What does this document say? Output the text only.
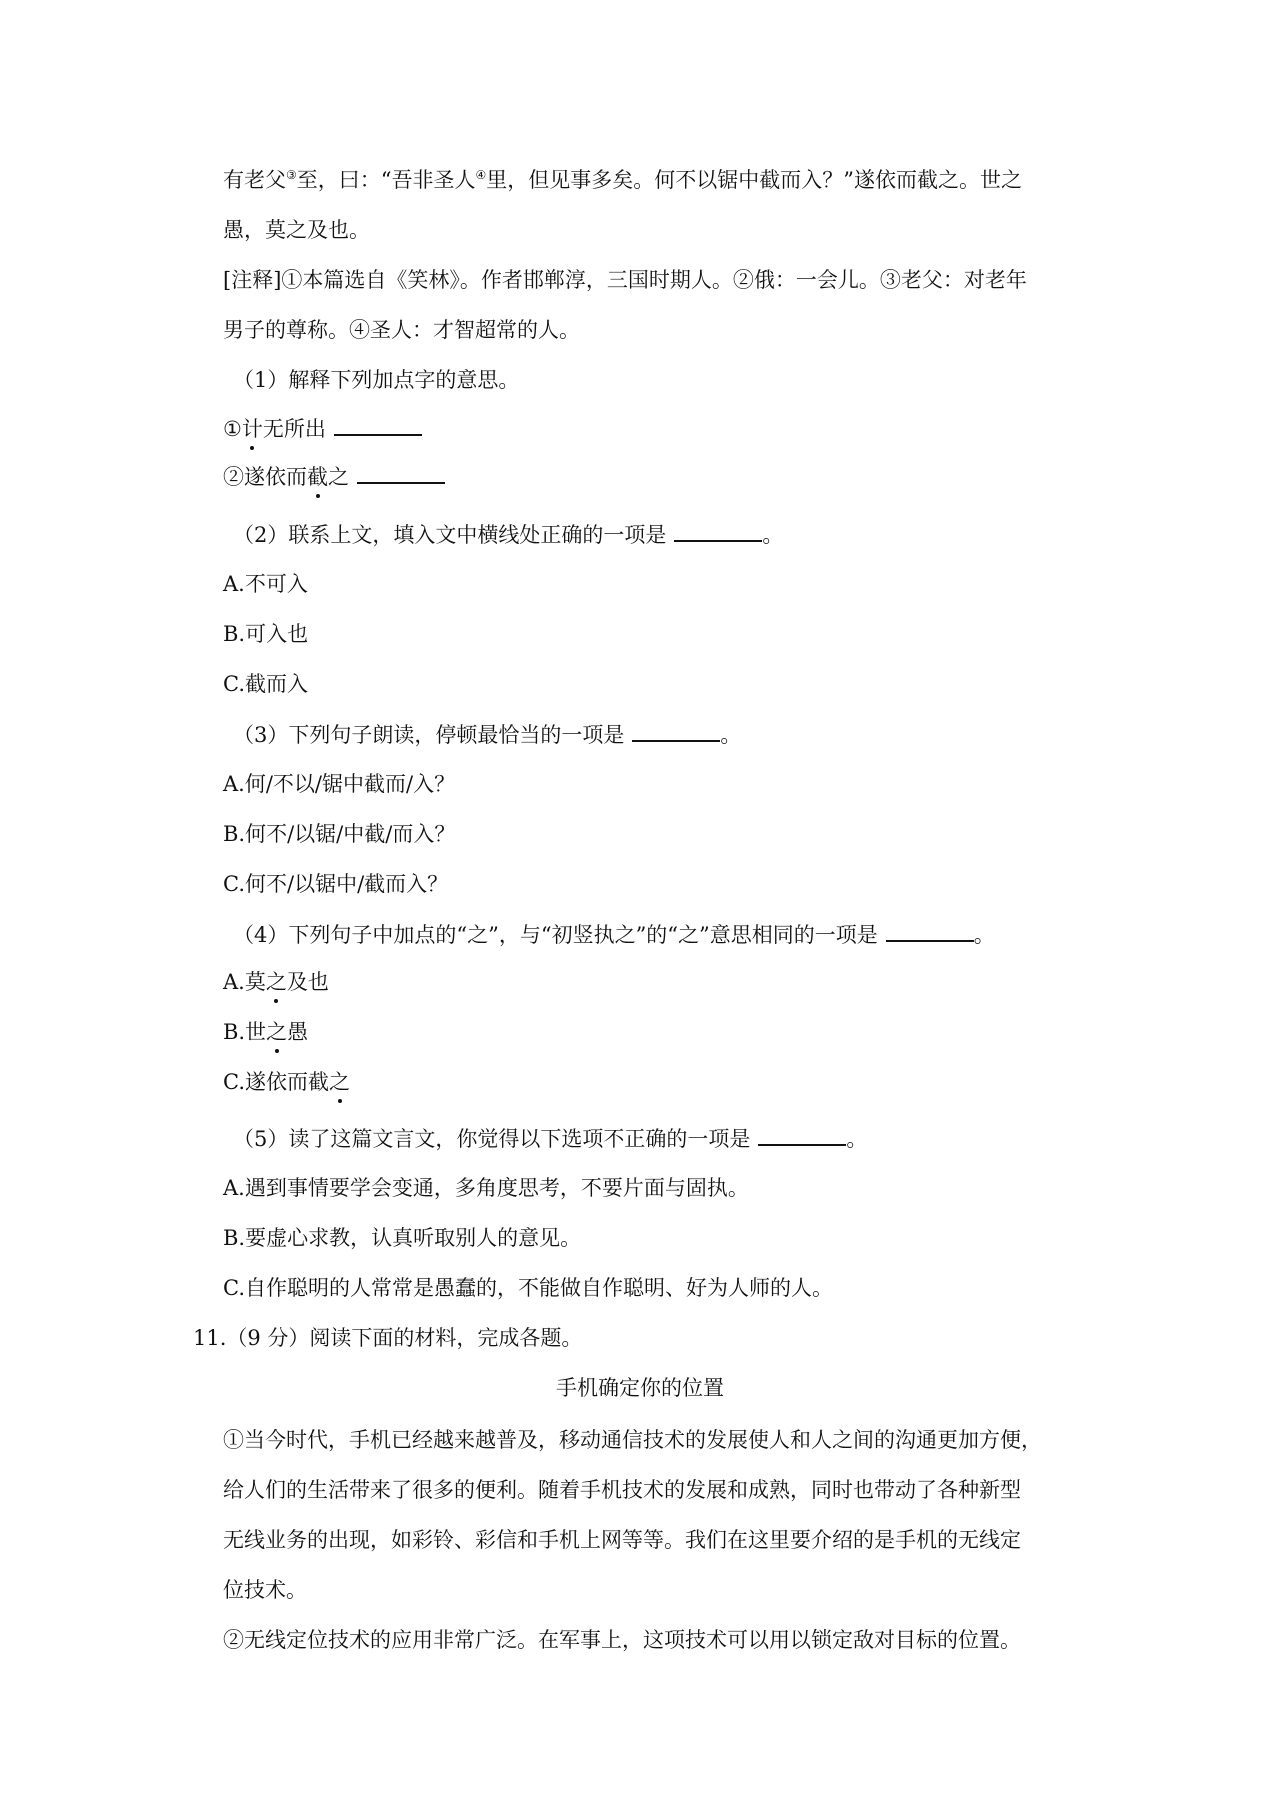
有老父③至，曰：“吾非圣人④里，但见事多矣。何不以锯中截而入？”遂依而截之。世之
愚，莫之及也。
[注释]①本篇选自《笑林》。作者邯郸淳，三国时期人。②俄：一会儿。③老父：对老年
男子的尊称。④圣人：才智超常的人。
（1）解释下列加点字的意思。
①计无所出
②遂依而截之
（2）联系上文，填入文中横线处正确的一项是	。
A.不可入
B.可入也
C.截而入
（3）下列句子朗读，停顿最恰当的一项是	。
A.何/不以/锯中截而/入？
B.何不/以锯/中截/而入？
C.何不/以锯中/截而入？
（4）下列句子中加点的“之”，与“初竖执之”的“之”意思相同的一项是	。
A.莫之及也
B.世之愚
C.遂依而截之
（5）读了这篇文言文，你觉得以下选项不正确的一项是	。
A.遇到事情要学会变通，多角度思考，不要片面与固执。
B.要虚心求教，认真听取别人的意见。
C.自作聪明的人常常是愚蠢的，不能做自作聪明、好为人师的人。
11.（9 分）阅读下面的材料，完成各题。
手机确定你的位置
①当今时代，手机已经越来越普及，移动通信技术的发展使人和人之间的沟通更加方便，
给人们的生活带来了很多的便利。随着手机技术的发展和成熟，同时也带动了各种新型
无线业务的出现，如彩铃、彩信和手机上网等等。我们在这里要介绍的是手机的无线定
位技术。
②无线定位技术的应用非常广泛。在军事上，这项技术可以用以锁定敌对目标的位置。
